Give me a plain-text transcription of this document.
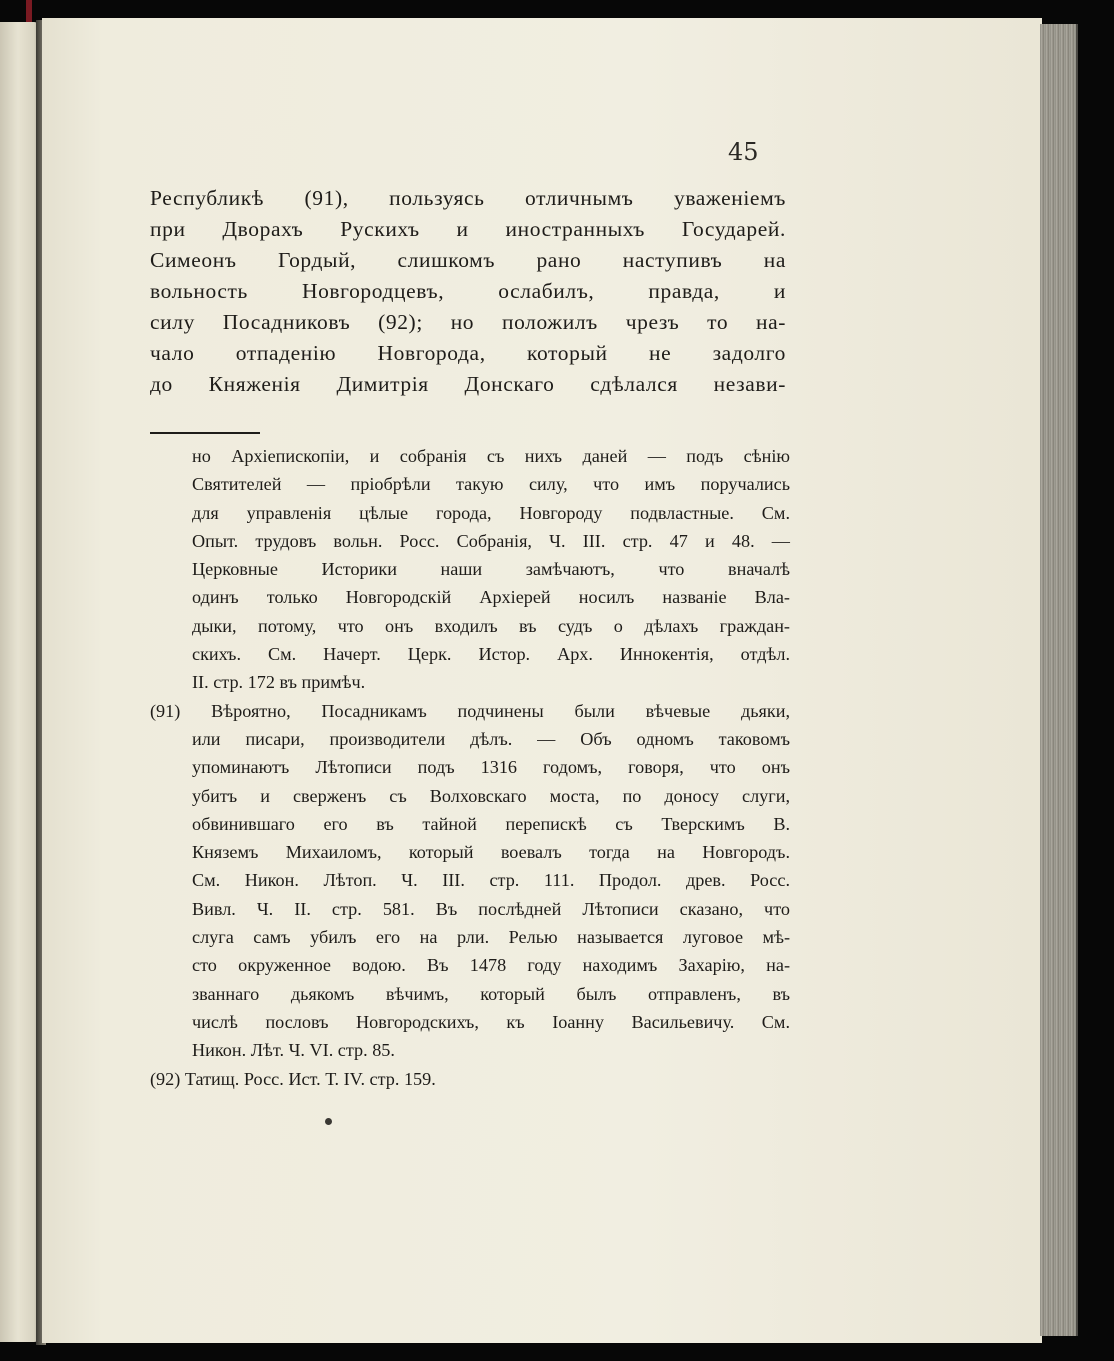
45
Республикѣ (91), пользуясь отличнымъ уваженіемъ
при Дворахъ Рускихъ и иностранныхъ Государей.
Симеонъ Гордый, слишкомъ рано наступивъ на
вольность Новгородцевъ, ослабилъ, правда, и
силу Посадниковъ (92); но положилъ чрезъ то на-
чало отпаденію Новгорода, который не задолго
до Княженія Димитрія Донскаго сдѣлался незави-
но Архіепископіи, и собранія съ нихъ даней — подъ сѣнію
Святителей — пріобрѣли такую силу, что имъ поручались
для управленія цѣлые города, Новгороду подвластные. См.
Опыт. трудовъ вольн. Росс. Собранія, Ч. III. стр. 47 и 48. —
Церковные Историки наши замѣчаютъ, что вначалѣ
одинъ только Новгородскій Архіерей носилъ названіе Вла-
дыки, потому, что онъ входилъ въ судъ о дѣлахъ граждан-
скихъ. См. Начерт. Церк. Истор. Арх. Иннокентія, отдѣл.
II. стр. 172 въ примѣч.
(91) Вѣроятно, Посадникамъ подчинены были вѣчевые дьяки,
или писари, производители дѣлъ. — Объ одномъ таковомъ
упоминаютъ Лѣтописи подъ 1316 годомъ, говоря, что онъ
убитъ и сверженъ съ Волховскаго моста, по доносу слуги,
обвинившаго его въ тайной перепискѣ съ Тверскимъ В.
Княземъ Михаиломъ, который воевалъ тогда на Новгородъ.
См. Никон. Лѣтоп. Ч. III. стр. 111. Продол. древ. Росс.
Вивл. Ч. II. стр. 581. Въ послѣдней Лѣтописи сказано, что
слуга самъ убилъ его на рли. Релью называется луговое мѣ-
сто окруженное водою. Въ 1478 году находимъ Захарію, на-
званнаго дьякомъ вѣчимъ, который былъ отправленъ, въ
числѣ пословъ Новгородскихъ, къ Іоанну Васильевичу. См.
Никон. Лѣт. Ч. VI. стр. 85.
(92) Татищ. Росс. Ист. Т. IV. стр. 159.
